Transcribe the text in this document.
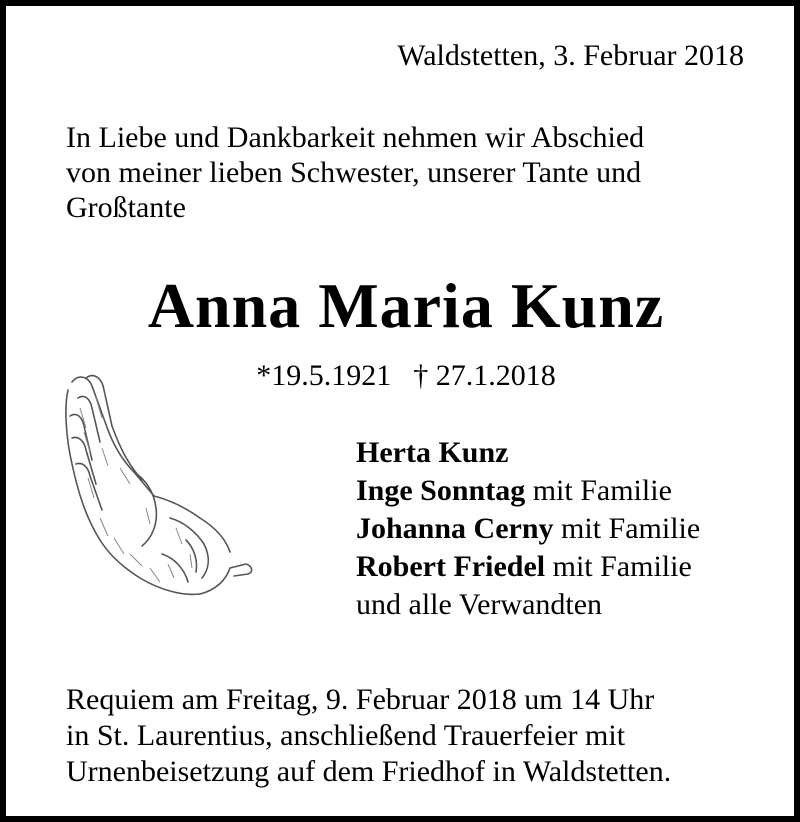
Waldstetten, 3. Februar 2018
In Liebe und Dankbarkeit nehmen wir Abschied
von meiner lieben Schwester, unserer Tante und
Großtante
Anna Maria Kunz
*19.5.1921 † 27.1.2018
Herta Kunz
Inge Sonntag mit Familie
Johanna Cerny mit Familie
Robert Friedel mit Familie
und alle Verwandten
Requiem am Freitag, 9. Februar 2018 um 14 Uhr
in St. Laurentius, anschließend Trauerfeier mit
Urnenbeisetzung auf dem Friedhof in Waldstetten.
